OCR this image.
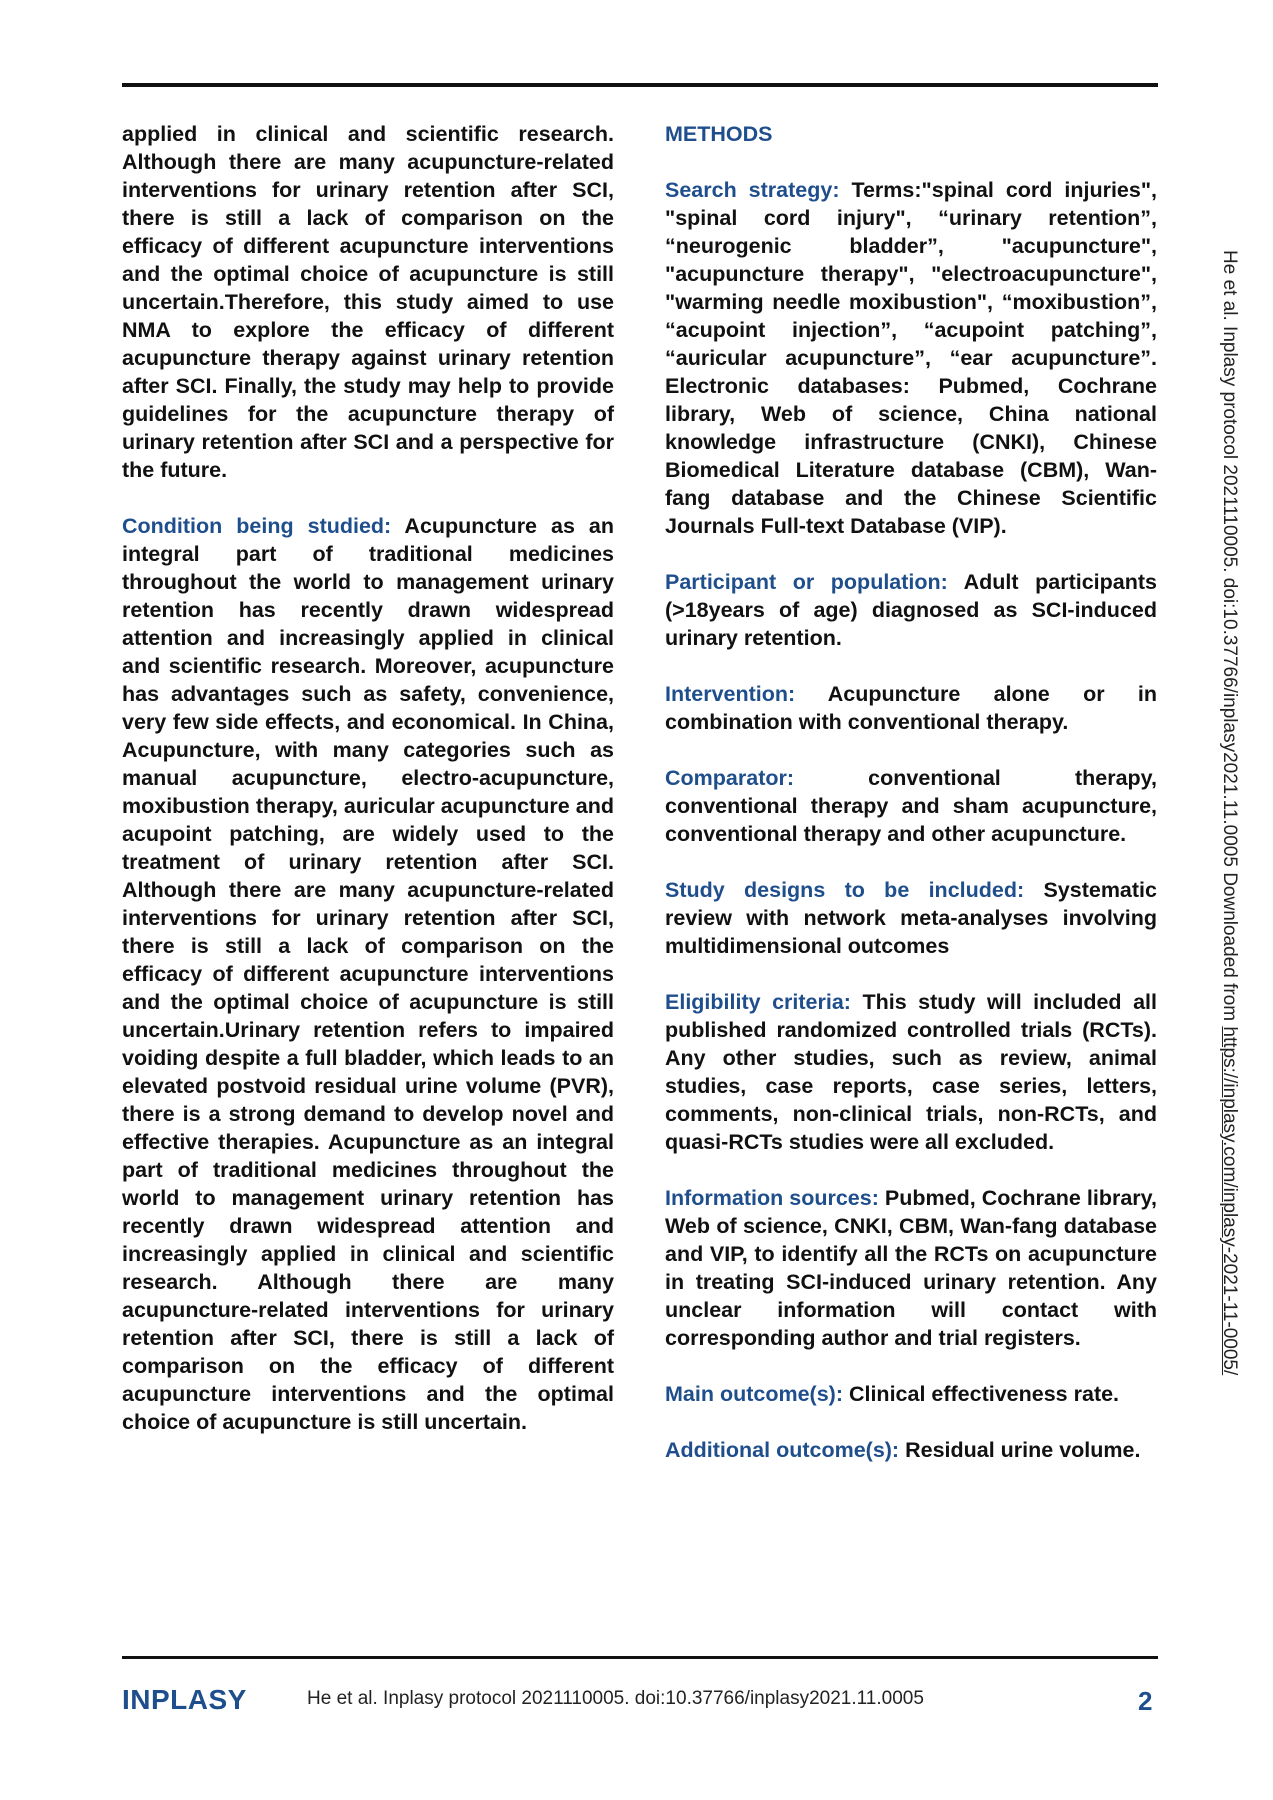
applied in clinical and scientific research. Although there are many acupuncture-related interventions for urinary retention after SCI, there is still a lack of comparison on the efficacy of different acupuncture interventions and the optimal choice of acupuncture is still uncertain.Therefore, this study aimed to use NMA to explore the efficacy of different acupuncture therapy against urinary retention after SCI. Finally, the study may help to provide guidelines for the acupuncture therapy of urinary retention after SCI and a perspective for the future.

Condition being studied: Acupuncture as an integral part of traditional medicines throughout the world to management urinary retention has recently drawn widespread attention and increasingly applied in clinical and scientific research. Moreover, acupuncture has advantages such as safety, convenience, very few side effects, and economical. In China, Acupuncture, with many categories such as manual acupuncture, electro-acupuncture, moxibustion therapy, auricular acupuncture and acupoint patching, are widely used to the treatment of urinary retention after SCI. Although there are many acupuncture-related interventions for urinary retention after SCI, there is still a lack of comparison on the efficacy of different acupuncture interventions and the optimal choice of acupuncture is still uncertain.Urinary retention refers to impaired voiding despite a full bladder, which leads to an elevated postvoid residual urine volume (PVR), there is a strong demand to develop novel and effective therapies. Acupuncture as an integral part of traditional medicines throughout the world to management urinary retention has recently drawn widespread attention and increasingly applied in clinical and scientific research. Although there are many acupuncture-related interventions for urinary retention after SCI, there is still a lack of comparison on the efficacy of different acupuncture interventions and the optimal choice of acupuncture is still uncertain.

METHODS

Search strategy: Terms:"spinal cord injuries", "spinal cord injury", “urinary retention”, “neurogenic bladder”, "acupuncture", "acupuncture therapy", "electroacupuncture", "warming needle moxibustion", “moxibustion”, “acupoint injection”, “acupoint patching”, “auricular acupuncture”, “ear acupuncture”. Electronic databases: Pubmed, Cochrane library, Web of science, China national knowledge infrastructure (CNKI), Chinese Biomedical Literature database (CBM), Wan-fang database and the Chinese Scientific Journals Full-text Database (VIP).

Participant or population: Adult participants (>18years of age) diagnosed as SCI-induced urinary retention.

Intervention: Acupuncture alone or in combination with conventional therapy.

Comparator: conventional therapy, conventional therapy and sham acupuncture, conventional therapy and other acupuncture.

Study designs to be included: Systematic review with network meta-analyses involving multidimensional outcomes

Eligibility criteria: This study will included all published randomized controlled trials (RCTs). Any other studies, such as review, animal studies, case reports, case series, letters, comments, non-clinical trials, non-RCTs, and quasi-RCTs studies were all excluded.

Information sources: Pubmed, Cochrane library, Web of science, CNKI, CBM, Wan-fang database and VIP, to identify all the RCTs on acupuncture in treating SCI-induced urinary retention. Any unclear information will contact with corresponding author and trial registers.

Main outcome(s): Clinical effectiveness rate.

Additional outcome(s): Residual urine volume.

He et al. Inplasy protocol 2021110005. doi:10.37766/inplasy2021.11.0005 Downloaded from https://inplasy.com/inplasy-2021-11-0005/
INPLASY	He et al. Inplasy protocol 2021110005. doi:10.37766/inplasy2021.11.0005	2
